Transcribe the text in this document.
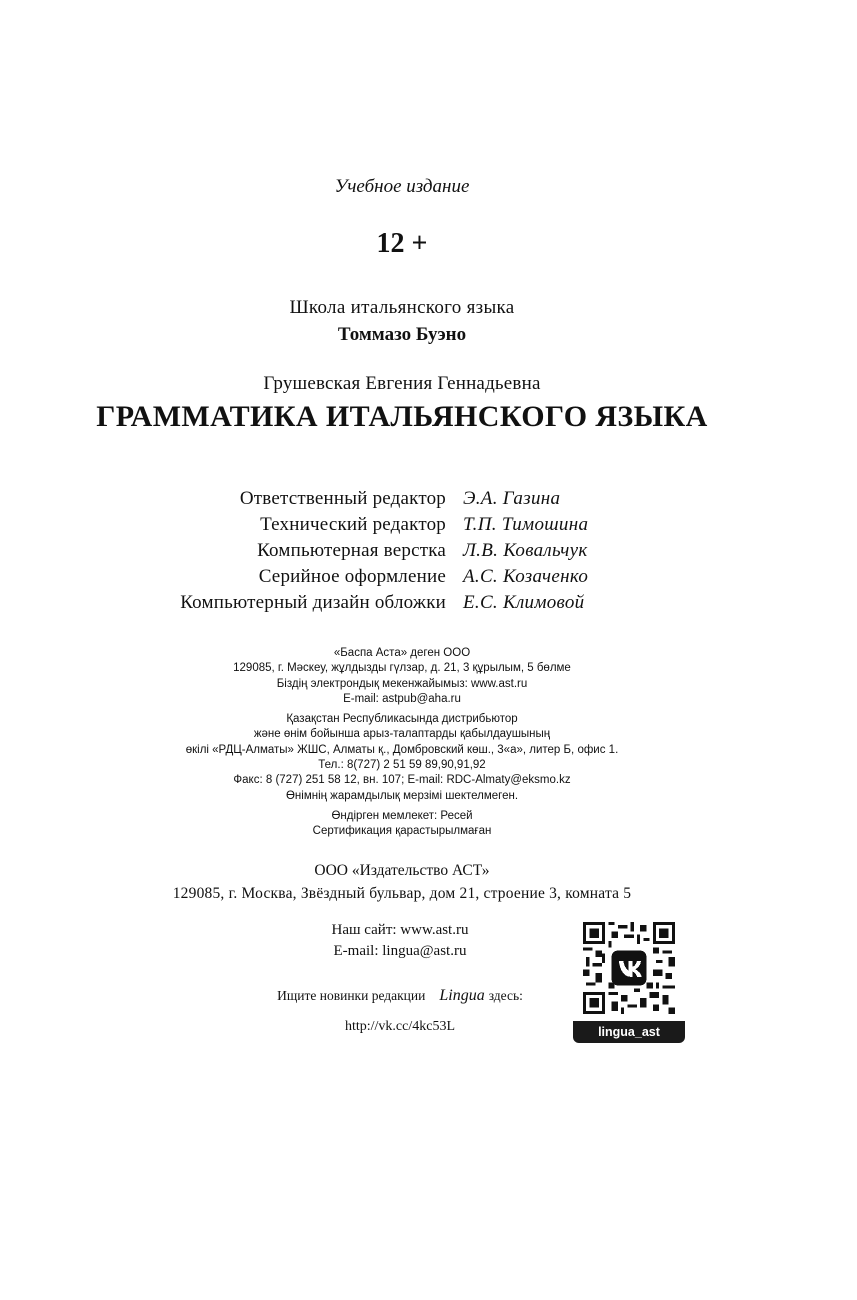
Учебное издание
12 +
Школа итальянского языка
Томмазо Буэно
Грушевская Евгения Геннадьевна
ГРАММАТИКА ИТАЛЬЯНСКОГО ЯЗЫКА
Ответственный редактор Э.А. Газина
Технический редактор Т.П. Тимошина
Компьютерная верстка Л.В. Ковальчук
Серийное оформление А.С. Козаченко
Компьютерный дизайн обложки Е.С. Климовой
«Баспа Аста» деген ООО
129085, г. Мәскеу, жұлдызды гүлзар, д. 21, 3 құрылым, 5 бөлме
Біздің электрондық мекенжайымыз: www.ast.ru
E-mail: astpub@aha.ru
Қазақстан Республикасында дистрибьютор
және өнім бойынша арыз-талаптарды қабылдаушының
өкілі «РДЦ-Алматы» ЖШС, Алматы қ., Домбровский көш., 3«а», литер Б, офис 1.
Тел.: 8(727) 2 51 59 89,90,91,92
Факс: 8 (727) 251 58 12, вн. 107; E-mail: RDC-Almaty@eksmo.kz
Өнімнің жарамдылық мерзімі шектелмеген.
Өндірген мемлекет: Ресей
Сертификация қарастырылмаған
ООО «Издательство АСТ»
129085, г. Москва, Звёздный бульвар, дом 21, строение 3, комната 5
Наш сайт: www.ast.ru
E-mail: lingua@ast.ru
Ищите новинки редакции Lingua здесь:
http://vk.cc/4kc53L	lingua_ast
